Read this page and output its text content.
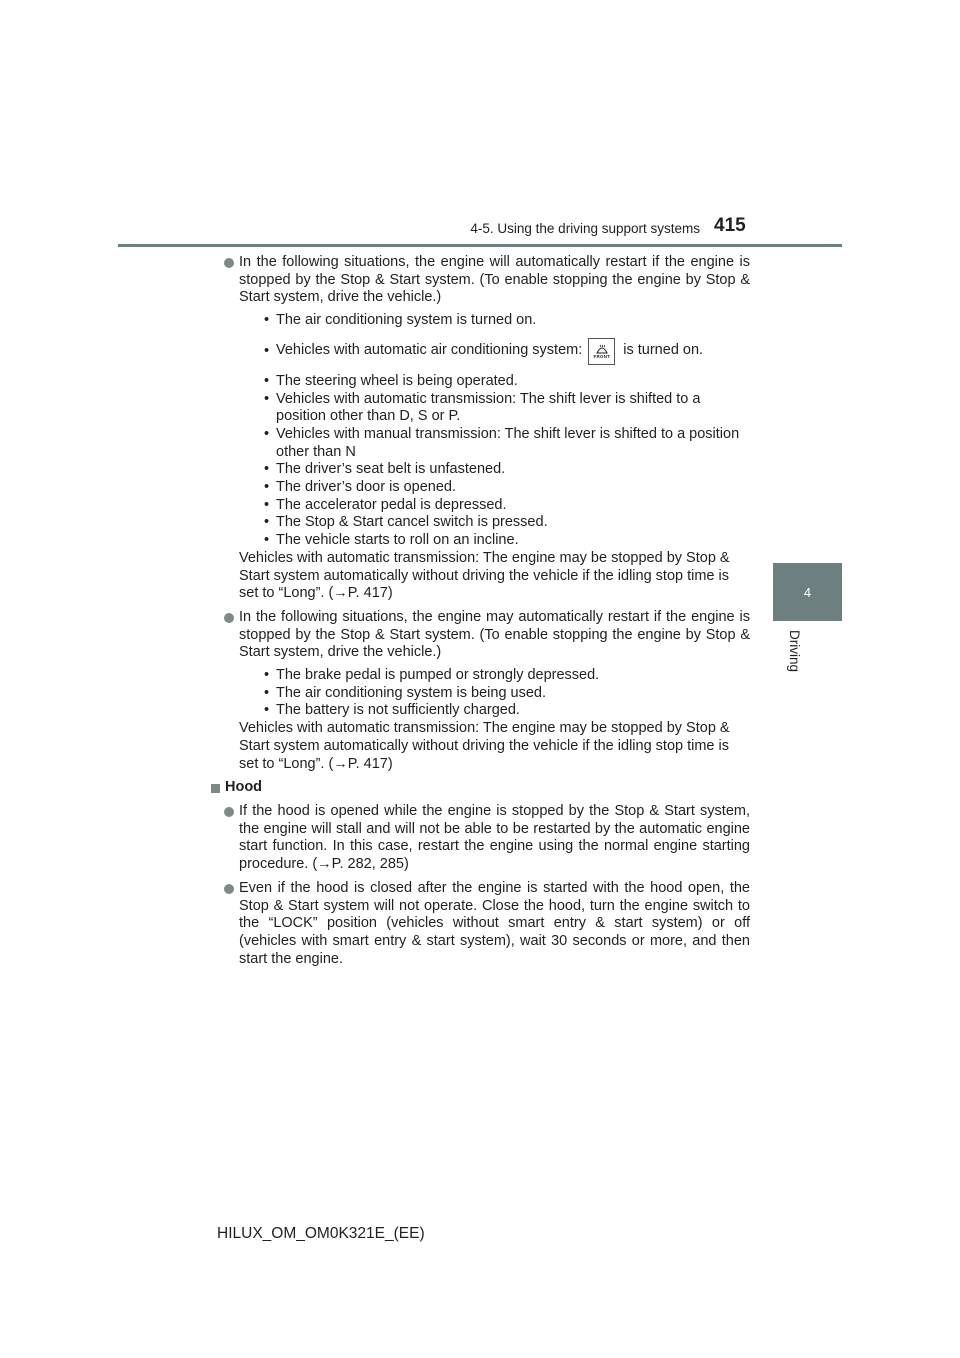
4-5. Using the driving support systems 415
4
Driving
In the following situations, the engine will automatically restart if the engine is stopped by the Stop & Start system. (To enable stopping the engine by Stop & Start system, drive the vehicle.)
• The air conditioning system is turned on.
• Vehicles with automatic air conditioning system:	FRONT is turned on.
• The steering wheel is being operated.
• Vehicles with automatic transmission: The shift lever is shifted to a position other than D, S or P.
• Vehicles with manual transmission: The shift lever is shifted to a position other than N
• The driver’s seat belt is unfastened.
• The driver’s door is opened.
• The accelerator pedal is depressed.
• The Stop & Start cancel switch is pressed.
• The vehicle starts to roll on an incline.
Vehicles with automatic transmission: The engine may be stopped by Stop & Start system automatically without driving the vehicle if the idling stop time is set to “Long”. (→P. 417)
In the following situations, the engine may automatically restart if the engine is stopped by the Stop & Start system. (To enable stopping the engine by Stop & Start system, drive the vehicle.)
• The brake pedal is pumped or strongly depressed.
• The air conditioning system is being used.
• The battery is not sufficiently charged.
Vehicles with automatic transmission: The engine may be stopped by Stop & Start system automatically without driving the vehicle if the idling stop time is set to “Long”. (→P. 417)
Hood
If the hood is opened while the engine is stopped by the Stop & Start system, the engine will stall and will not be able to be restarted by the automatic engine start function. In this case, restart the engine using the normal engine starting procedure. (→P. 282, 285)
Even if the hood is closed after the engine is started with the hood open, the Stop & Start system will not operate. Close the hood, turn the engine switch to the “LOCK” position (vehicles without smart entry & start system) or off (vehicles with smart entry & start system), wait 30 seconds or more, and then start the engine.
HILUX_OM_OM0K321E_(EE)
